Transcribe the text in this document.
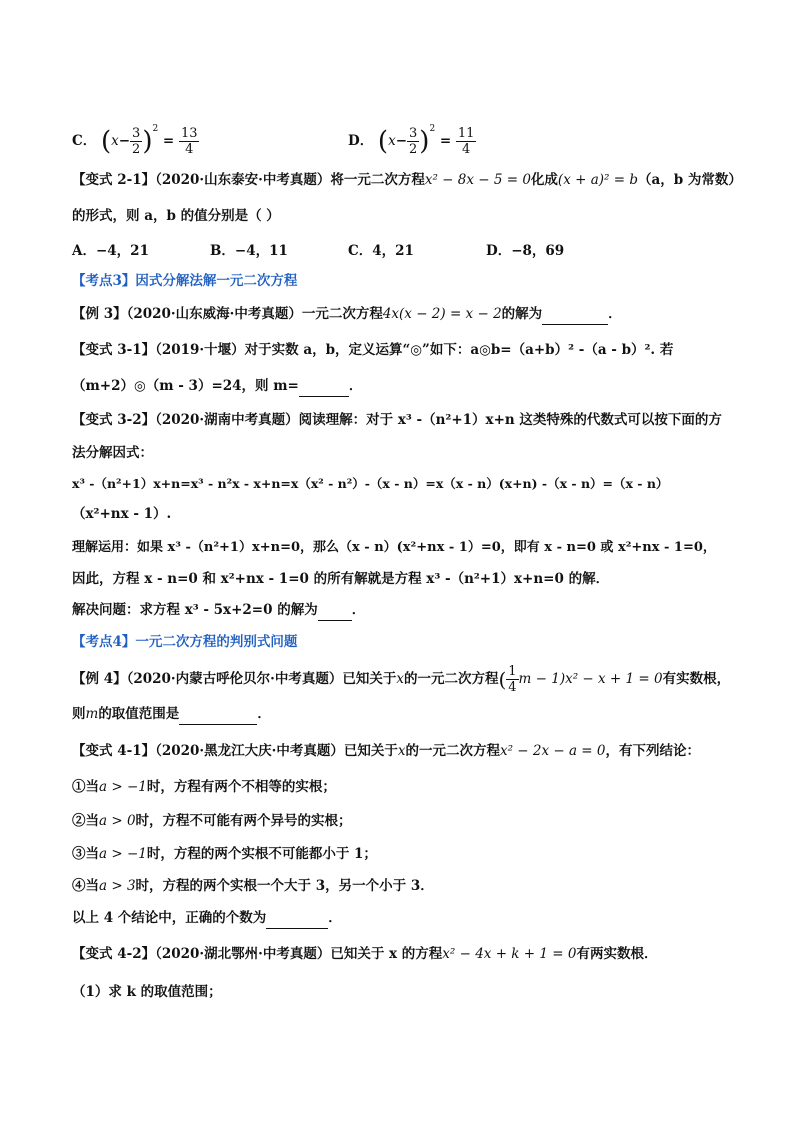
C． $(x- \frac{3}{2} )^2 = \frac{13}{4}$	D． $(x- \frac{3}{2} )^2 = \frac{11}{4}$
【变式 2-1】（2020·山东泰安·中考真题）将一元二次方程x² − 8x − 5 = 0化成(x + a)² = b（a，b 为常数）
的形式，则 a，b 的值分别是（ ）
A．−4，21	B．−4，11	C．4，21	D．−8，69
【考点3】因式分解法解一元二次方程
【例 3】（2020·山东威海·中考真题）一元二次方程4x(x − 2) = x − 2的解为	．
【变式 3-1】（2019·十堰）对于实数 a，b，定义运算“◎”如下：a◎b=（a+b）² -（a - b）². 若
（m+2）◎（m - 3）=24，则 m=	．
【变式 3-2】（2020·湖南中考真题）阅读理解：对于 x³ -（n²+1）x+n 这类特殊的代数式可以按下面的方
法分解因式：
x³ -（n²+1）x+n=x³ - n²x - x+n=x（x² - n²）-（x - n）=x（x - n）(x+n) -（x - n）=（x - n）
（x²+nx - 1）.
理解运用：如果 x³ -（n²+1）x+n=0，那么（x - n）(x²+nx - 1）=0，即有 x - n=0 或 x²+nx - 1=0，
因此，方程 x - n=0 和 x²+nx - 1=0 的所有解就是方程 x³ -（n²+1）x+n=0 的解．
解决问题：求方程 x³ - 5x+2=0 的解为	．
【考点4】一元二次方程的判别式问题
【例 4】（2020·内蒙古呼伦贝尔·中考真题）已知关于x的一元二次方程( $\frac{1}{4}$ m − 1)x² − x + 1 = 0有实数根，
则m的取值范围是	．
【变式 4-1】（2020·黑龙江大庆·中考真题）已知关于x的一元二次方程x² − 2x − a = 0，有下列结论：
①当a > −1时，方程有两个不相等的实根；
②当a > 0时，方程不可能有两个异号的实根；
③当a > −1时，方程的两个实根不可能都小于 1；
④当a > 3时，方程的两个实根一个大于 3，另一个小于 3．
以上 4 个结论中，正确的个数为	．
【变式 4-2】（2020·湖北鄂州·中考真题）已知关于 x 的方程x² − 4x + k + 1 = 0有两实数根．
（1）求 k 的取值范围；
